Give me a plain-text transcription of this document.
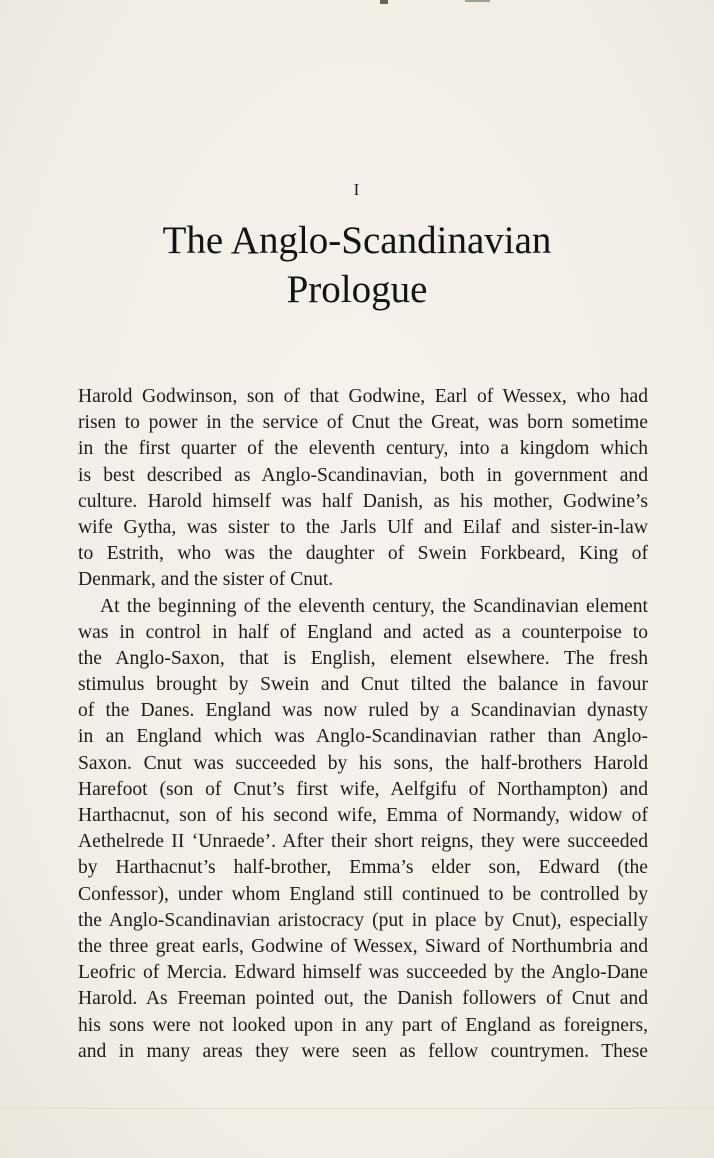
I
The Anglo-Scandinavian
Prologue
Harold Godwinson, son of that Godwine, Earl of Wessex, who had
risen to power in the service of Cnut the Great, was born sometime
in the first quarter of the eleventh century, into a kingdom which
is best described as Anglo-Scandinavian, both in government and
culture. Harold himself was half Danish, as his mother, Godwine’s
wife Gytha, was sister to the Jarls Ulf and Eilaf and sister-in-law
to Estrith, who was the daughter of Swein Forkbeard, King of
Denmark, and the sister of Cnut.
At the beginning of the eleventh century, the Scandinavian element
was in control in half of England and acted as a counterpoise to
the Anglo-Saxon, that is English, element elsewhere. The fresh
stimulus brought by Swein and Cnut tilted the balance in favour
of the Danes. England was now ruled by a Scandinavian dynasty
in an England which was Anglo-Scandinavian rather than Anglo-
Saxon. Cnut was succeeded by his sons, the half-brothers Harold
Harefoot (son of Cnut’s first wife, Aelfgifu of Northampton) and
Harthacnut, son of his second wife, Emma of Normandy, widow of
Aethelrede II ‘Unraede’. After their short reigns, they were succeeded
by Harthacnut’s half-brother, Emma’s elder son, Edward (the
Confessor), under whom England still continued to be controlled by
the Anglo-Scandinavian aristocracy (put in place by Cnut), especially
the three great earls, Godwine of Wessex, Siward of Northumbria and
Leofric of Mercia. Edward himself was succeeded by the Anglo-Dane
Harold. As Freeman pointed out, the Danish followers of Cnut and
his sons were not looked upon in any part of England as foreigners,
and in many areas they were seen as fellow countrymen. These
